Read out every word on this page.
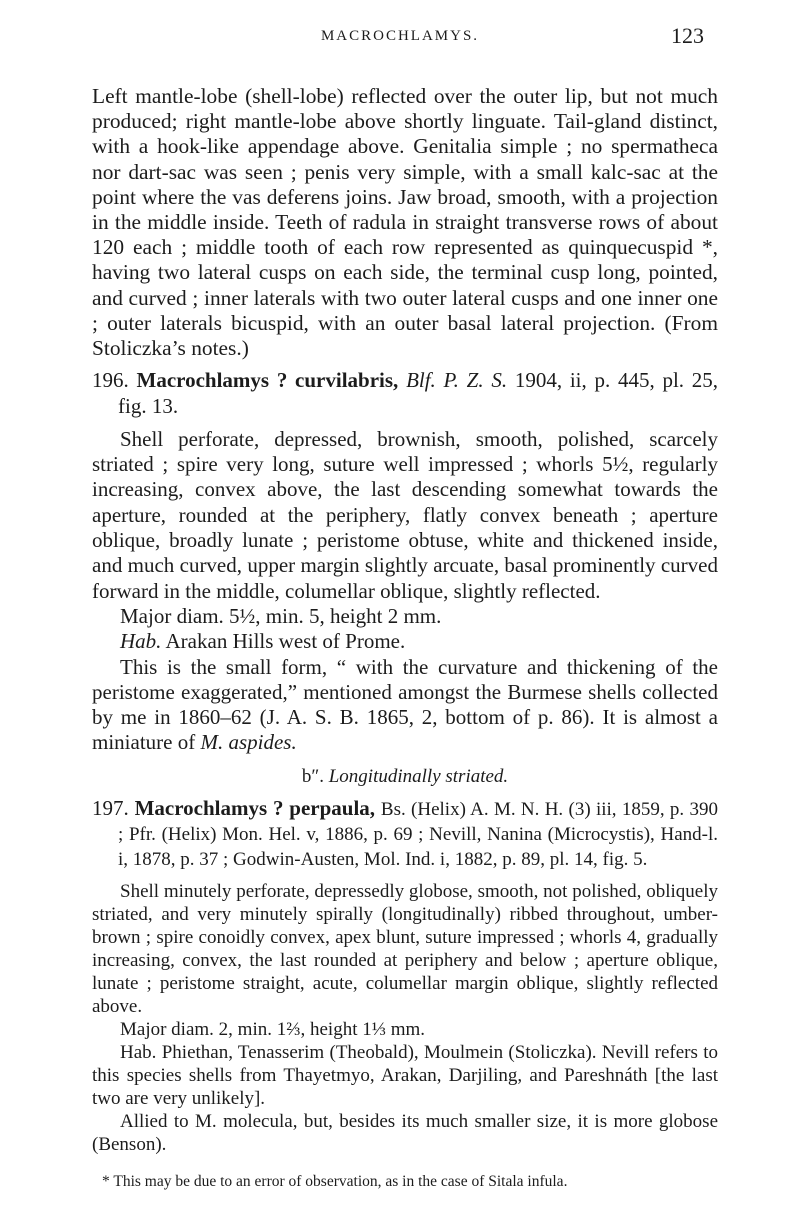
MACROCHLAMYS.	123

Left mantle-lobe (shell-lobe) reflected over the outer lip, but not much produced; right mantle-lobe above shortly linguate. Tail-gland distinct, with a hook-like appendage above. Genitalia simple ; no spermatheca nor dart-sac was seen ; penis very simple, with a small kalc-sac at the point where the vas deferens joins. Jaw broad, smooth, with a projection in the middle inside. Teeth of radula in straight transverse rows of about 120 each ; middle tooth of each row represented as quinquecuspid *, having two lateral cusps on each side, the terminal cusp long, pointed, and curved ; inner laterals with two outer lateral cusps and one inner one ; outer laterals bicuspid, with an outer basal lateral projection. (From Stoliczka’s notes.)

196. Macrochlamys ? curvilabris, Blf. P. Z. S. 1904, ii, p. 445, pl. 25, fig. 13.

Shell perforate, depressed, brownish, smooth, polished, scarcely striated ; spire very long, suture well impressed ; whorls 5½, regularly increasing, convex above, the last descending somewhat towards the aperture, rounded at the periphery, flatly convex beneath ; aperture oblique, broadly lunate ; peristome obtuse, white and thickened inside, and much curved, upper margin slightly arcuate, basal prominently curved forward in the middle, columellar oblique, slightly reflected.

Major diam. 5½, min. 5, height 2 mm.

Hab. Arakan Hills west of Prome.

This is the small form, “ with the curvature and thickening of the peristome exaggerated,” mentioned amongst the Burmese shells collected by me in 1860–62 (J. A. S. B. 1865, 2, bottom of p. 86). It is almost a miniature of M. aspides.

b″. Longitudinally striated.

197. Macrochlamys ? perpaula, Bs. (Helix) A. M. N. H. (3) iii, 1859, p. 390 ; Pfr. (Helix) Mon. Hel. v, 1886, p. 69 ; Nevill, Nanina (Microcystis), Hand-l. i, 1878, p. 37 ; Godwin-Austen, Mol. Ind. i, 1882, p. 89, pl. 14, fig. 5.

Shell minutely perforate, depressedly globose, smooth, not polished, obliquely striated, and very minutely spirally (longitudinally) ribbed throughout, umber-brown ; spire conoidly convex, apex blunt, suture impressed ; whorls 4, gradually increasing, convex, the last rounded at periphery and below ; aperture oblique, lunate ; peristome straight, acute, columellar margin oblique, slightly reflected above.

Major diam. 2, min. 1⅔, height 1⅓ mm.

Hab. Phiethan, Tenasserim (Theobald), Moulmein (Stoliczka). Nevill refers to this species shells from Thayetmyo, Arakan, Darjiling, and Pareshnáth [the last two are very unlikely].

Allied to M. molecula, but, besides its much smaller size, it is more globose (Benson).

* This may be due to an error of observation, as in the case of Sitala infula.
